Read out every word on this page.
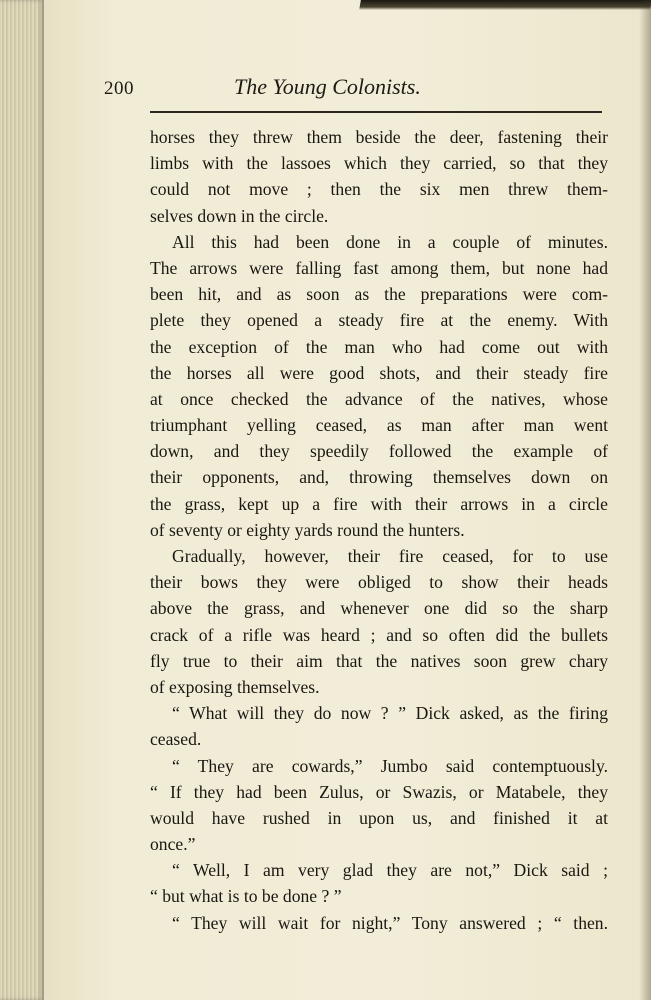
200	The Young Colonists.
horses they threw them beside the deer, fastening their
limbs with the lassoes which they carried, so that they
could not move ; then the six men threw them-
selves down in the circle.
All this had been done in a couple of minutes.
The arrows were falling fast among them, but none had
been hit, and as soon as the preparations were com-
plete they opened a steady fire at the enemy. With
the exception of the man who had come out with
the horses all were good shots, and their steady fire
at once checked the advance of the natives, whose
triumphant yelling ceased, as man after man went
down, and they speedily followed the example of
their opponents, and, throwing themselves down on
the grass, kept up a fire with their arrows in a circle
of seventy or eighty yards round the hunters.
Gradually, however, their fire ceased, for to use
their bows they were obliged to show their heads
above the grass, and whenever one did so the sharp
crack of a rifle was heard ; and so often did the bullets
fly true to their aim that the natives soon grew chary
of exposing themselves.
“ What will they do now ? ” Dick asked, as the firing
ceased.
“ They are cowards,” Jumbo said contemptuously.
“ If they had been Zulus, or Swazis, or Matabele, they
would have rushed in upon us, and finished it at
once.”
“ Well, I am very glad they are not,” Dick said ;
“ but what is to be done ? ”
“ They will wait for night,” Tony answered ; “ then.
